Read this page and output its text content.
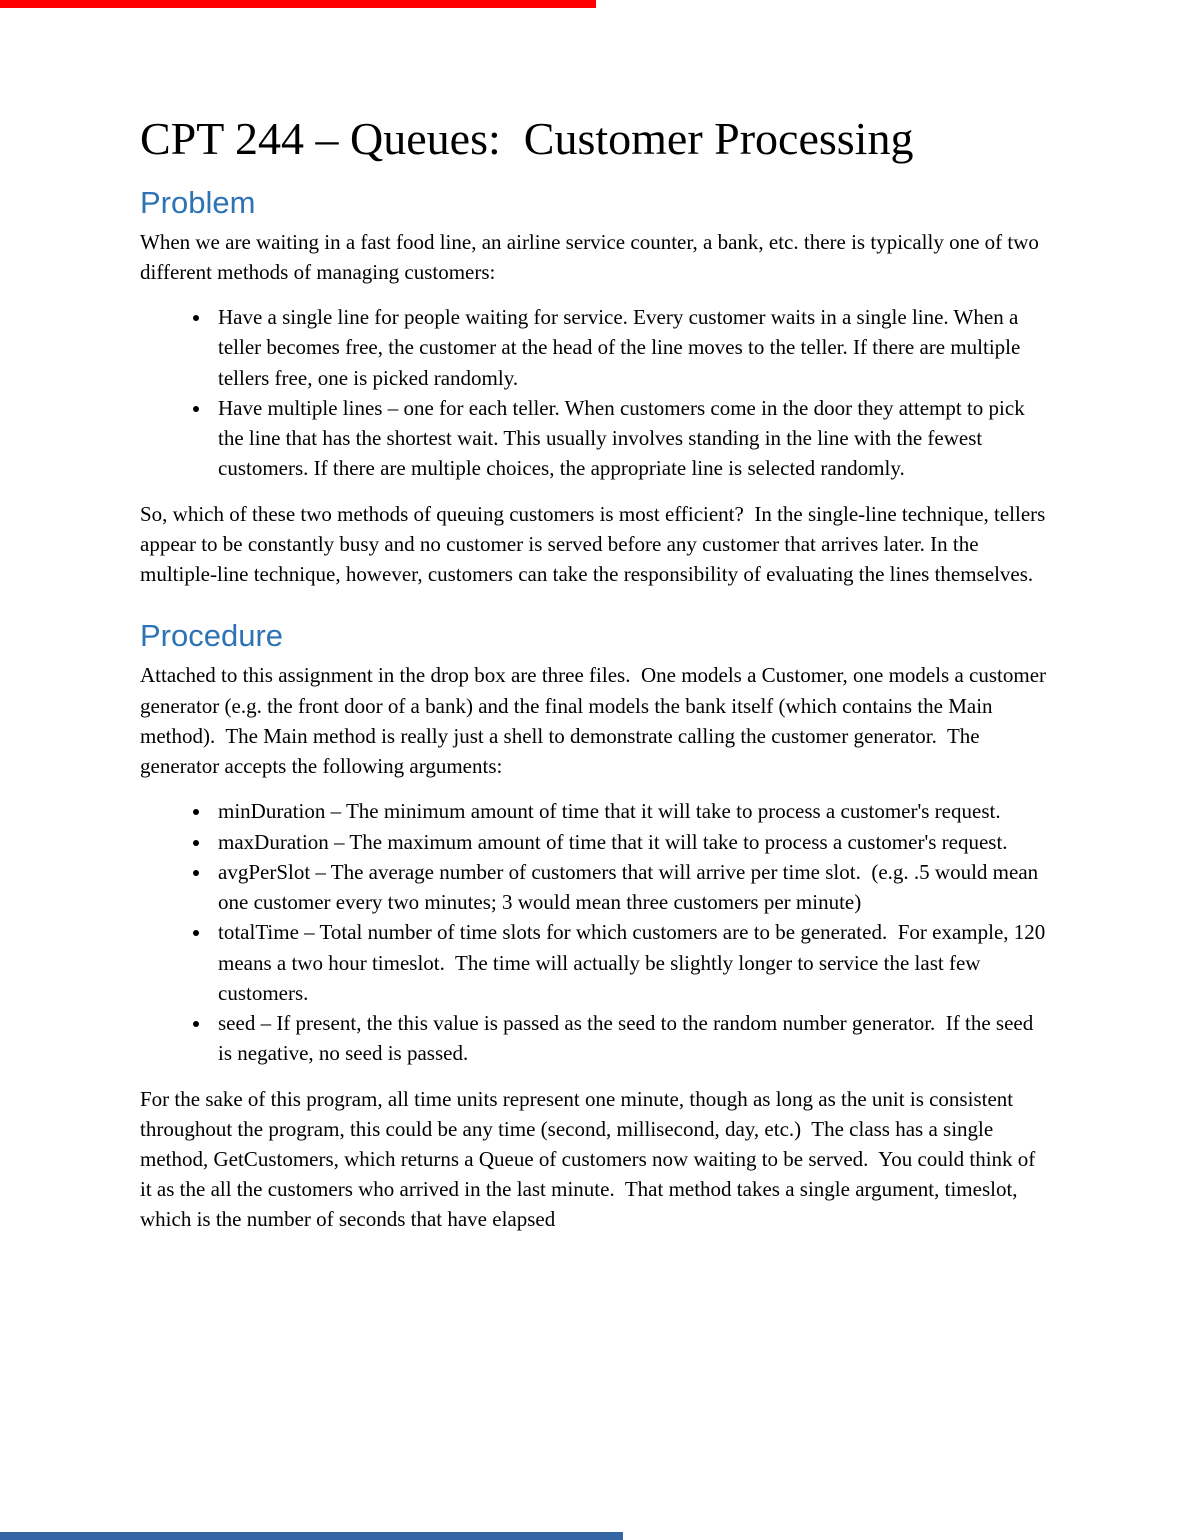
CPT 244 – Queues:  Customer Processing
Problem

When we are waiting in a fast food line, an airline service counter, a bank, etc. there is typically one of two different methods of managing customers:

• Have a single line for people waiting for service. Every customer waits in a single line. When a teller becomes free, the customer at the head of the line moves to the teller. If there are multiple tellers free, one is picked randomly.
• Have multiple lines – one for each teller. When customers come in the door they attempt to pick the line that has the shortest wait. This usually involves standing in the line with the fewest customers. If there are multiple choices, the appropriate line is selected randomly.

So, which of these two methods of queuing customers is most efficient?  In the single-line technique, tellers appear to be constantly busy and no customer is served before any customer that arrives later. In the multiple-line technique, however, customers can take the responsibility of evaluating the lines themselves.

Procedure

Attached to this assignment in the drop box are three files.  One models a Customer, one models a customer generator (e.g. the front door of a bank) and the final models the bank itself (which contains the Main method).  The Main method is really just a shell to demonstrate calling the customer generator.  The generator accepts the following arguments:

• minDuration – The minimum amount of time that it will take to process a customer's request.
• maxDuration – The maximum amount of time that it will take to process a customer's request.
• avgPerSlot – The average number of customers that will arrive per time slot.  (e.g. .5 would mean one customer every two minutes; 3 would mean three customers per minute)
• totalTime – Total number of time slots for which customers are to be generated.  For example, 120 means a two hour timeslot.  The time will actually be slightly longer to service the last few customers.
• seed – If present, the this value is passed as the seed to the random number generator.  If the seed is negative, no seed is passed.

For the sake of this program, all time units represent one minute, though as long as the unit is consistent throughout the program, this could be any time (second, millisecond, day, etc.)  The class has a single method, GetCustomers, which returns a Queue of customers now waiting to be served.  You could think of it as the all the customers who arrived in the last minute.  That method takes a single argument, timeslot, which is the number of seconds that have elapsed
